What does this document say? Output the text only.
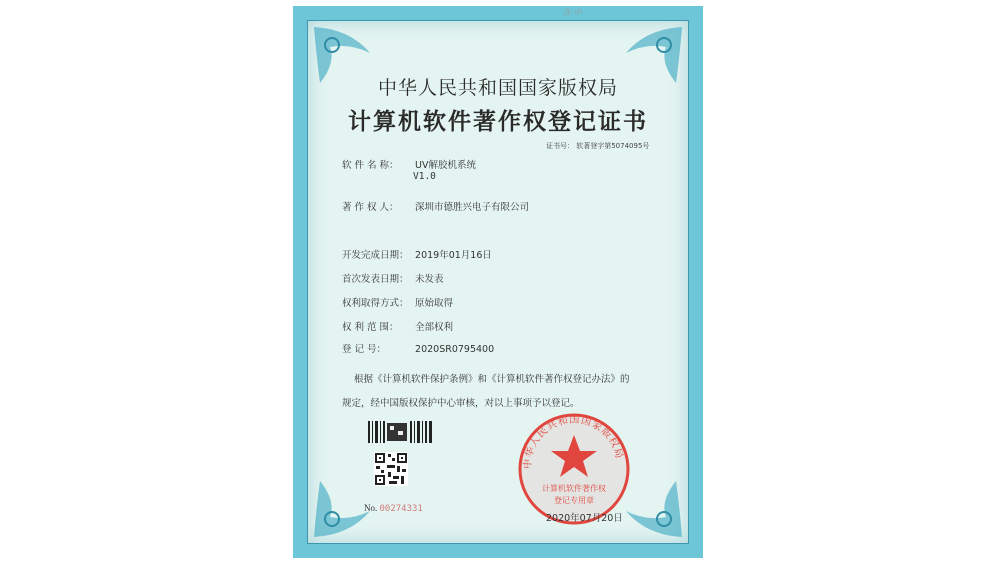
在·中
中华人民共和国国家版权局
计算机软件著作权登记证书
证书号： 软著登字第5074095号
软 件 名 称： UV解胶机系统
V1.0
著 作 权 人： 深圳市德胜兴电子有限公司
开发完成日期： 2019年01月16日
首次发表日期： 未发表
权利取得方式： 原始取得
权 利 范 围： 全部权利
登 记 号：	2020SR0795400
根据《计算机软件保护条例》和《计算机软件著作权登记办法》的
规定，经中国版权保护中心审核，对以上事项予以登记。
No. 00274331
中华人民共和国国家版权局
计算机软件著作权
登记专用章
2020年07月20日
